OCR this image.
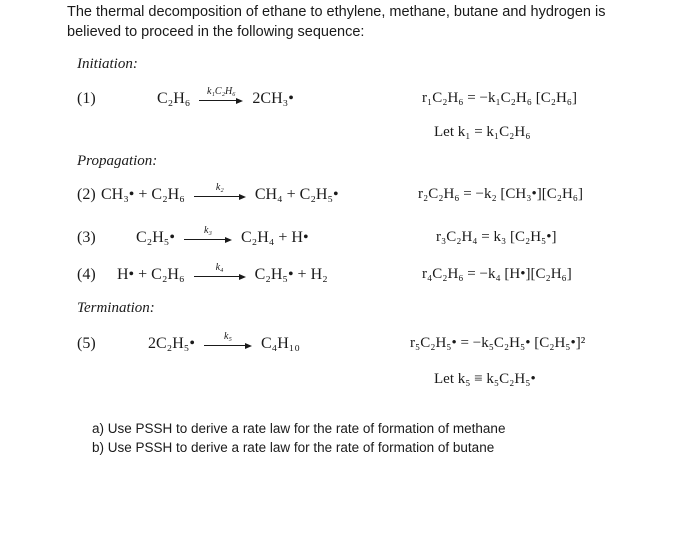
The thermal decomposition of ethane to ethylene, methane, butane and hydrogen is
believed to proceed in the following sequence:
Initiation:
(1)	C₂H₆ k₁C₂H₆ 2CH₃•	r₁C₂H₆ = −k₁C₂H₆ [C₂H₆]
Let k₁ = k₁C₂H₆
Propagation:
(2) CH₃• + C₂H₆	k₂ CH₄ + C₂H₅•	r₂C₂H₆ = −k₂ [CH₃•][C₂H₆]
(3)	C₂H₅•	k₃ C₂H₄ + H•	r₃C₂H₄ = k₃ [C₂H₅•]
(4) H• + C₂H₆	k₄ C₂H₅• + H₂	r₄C₂H₆ = −k₄ [H•][C₂H₆]
Termination:
(5)	2C₂H₅•	k₅ C₄H₁₀	r₅C₂H₅• = −k₅C₂H₅• [C₂H₅•]²
Let k₅ ≡ k₅C₂H₅•
a) Use PSSH to derive a rate law for the rate of formation of methane
b) Use PSSH to derive a rate law for the rate of formation of butane
